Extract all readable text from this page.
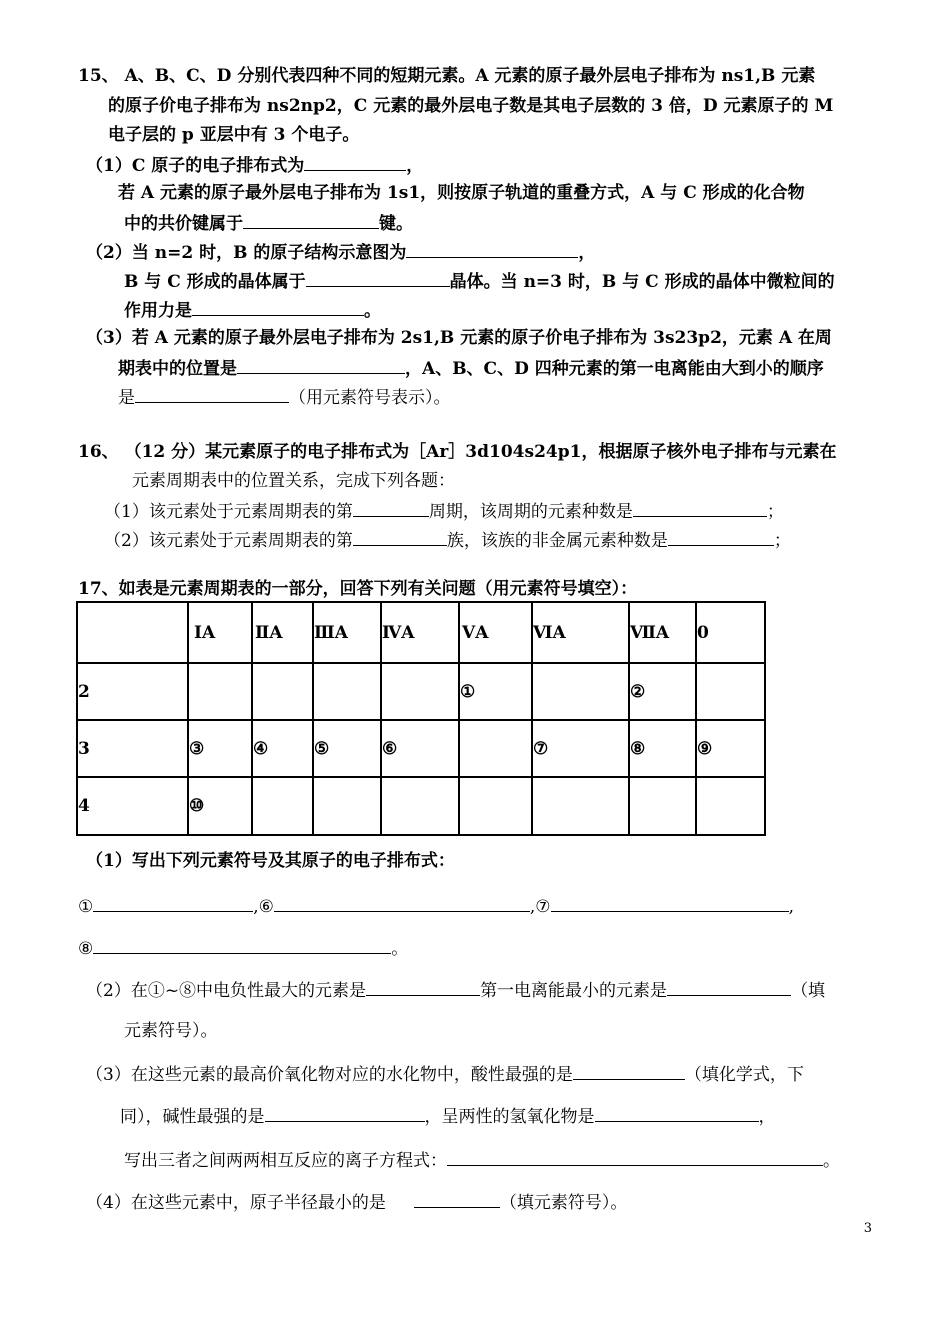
15、 A、B、C、D 分别代表四种不同的短期元素。A 元素的原子最外层电子排布为 ns1,B 元素
的原子价电子排布为 ns2np2，C 元素的最外层电子数是其电子层数的 3 倍，D 元素原子的 M
电子层的 p 亚层中有 3 个电子。
（1）C 原子的电子排布式为	，
若 A 元素的原子最外层电子排布为 1s1，则按原子轨道的重叠方式，A 与 C 形成的化合物
中的共价键属于	键。
（2）当 n=2 时，B 的原子结构示意图为	，
B 与 C 形成的晶体属于	晶体。当 n=3 时，B 与 C 形成的晶体中微粒间的
作用力是	。
（3）若 A 元素的原子最外层电子排布为 2s1,B 元素的原子价电子排布为 3s23p2，元素 A 在周
期表中的位置是	，A、B、C、D 四种元素的第一电离能由大到小的顺序
是	（用元素符号表示）。
16、 （12 分）某元素原子的电子排布式为［Ar］3d104s24p1，根据原子核外电子排布与元素在
元素周期表中的位置关系，完成下列各题：
（1）该元素处于元素周期表的第	周期，该周期的元素种数是	；
（2）该元素处于元素周期表的第	族，该族的非金属元素种数是	；
17、如表是元素周期表的一部分，回答下列有关问题（用元素符号填空）：
	ⅠA	ⅡA	ⅢA	ⅣA	ⅤA	ⅥA	ⅦA	0
2					①		②	
3	③	④	⑤	⑥		⑦	⑧	⑨
4	⑩							
（1）写出下列元素符号及其原子的电子排布式：
①	,⑥	,⑦	,
⑧	。
（2）在①~⑧中电负性最大的元素是	第一电离能最小的元素是	（填
元素符号）。
（3）在这些元素的最高价氧化物对应的水化物中，酸性最强的是	（填化学式，下
同），碱性最强的是	，呈两性的氢氧化物是	，
写出三者之间两两相互反应的离子方程式：	。
（4）在这些元素中，原子半径最小的是	（填元素符号）。
3
